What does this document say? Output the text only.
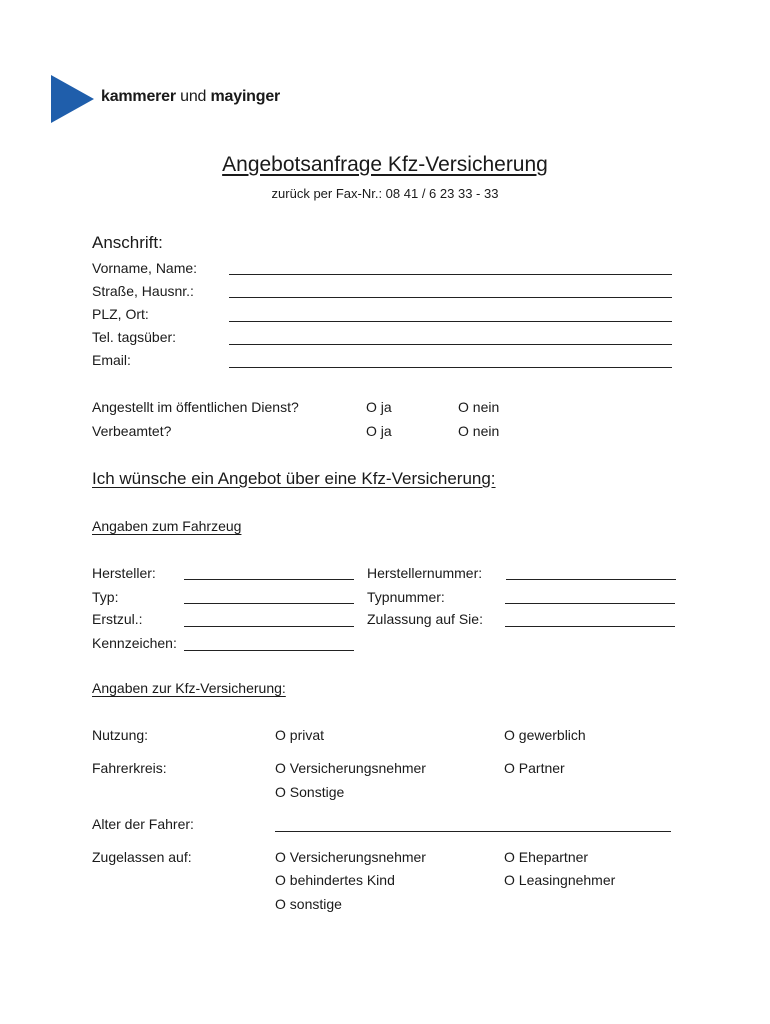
kammerer und mayinger
Angebotsanfrage Kfz-Versicherung
zurück per Fax-Nr.: 08 41 / 6 23 33 - 33
Anschrift:
Vorname, Name:
Straße, Hausnr.:
PLZ, Ort:
Tel. tagsüber:
Email:
Angestellt im öffentlichen Dienst?	O ja	O nein
Verbeamtet?	O ja	O nein
Ich wünsche ein Angebot über eine Kfz-Versicherung:
Angaben zum Fahrzeug
Hersteller:	Herstellernummer:
Typ:	Typnummer:
Erstzul.:	Zulassung auf Sie:
Kennzeichen:
Angaben zur Kfz-Versicherung:
Nutzung:	O privat	O gewerblich
Fahrerkreis:	O Versicherungsnehmer	O Partner
O Sonstige
Alter der Fahrer:
Zugelassen auf:	O Versicherungsnehmer	O Ehepartner
O behindertes Kind	O Leasingnehmer
O sonstige
